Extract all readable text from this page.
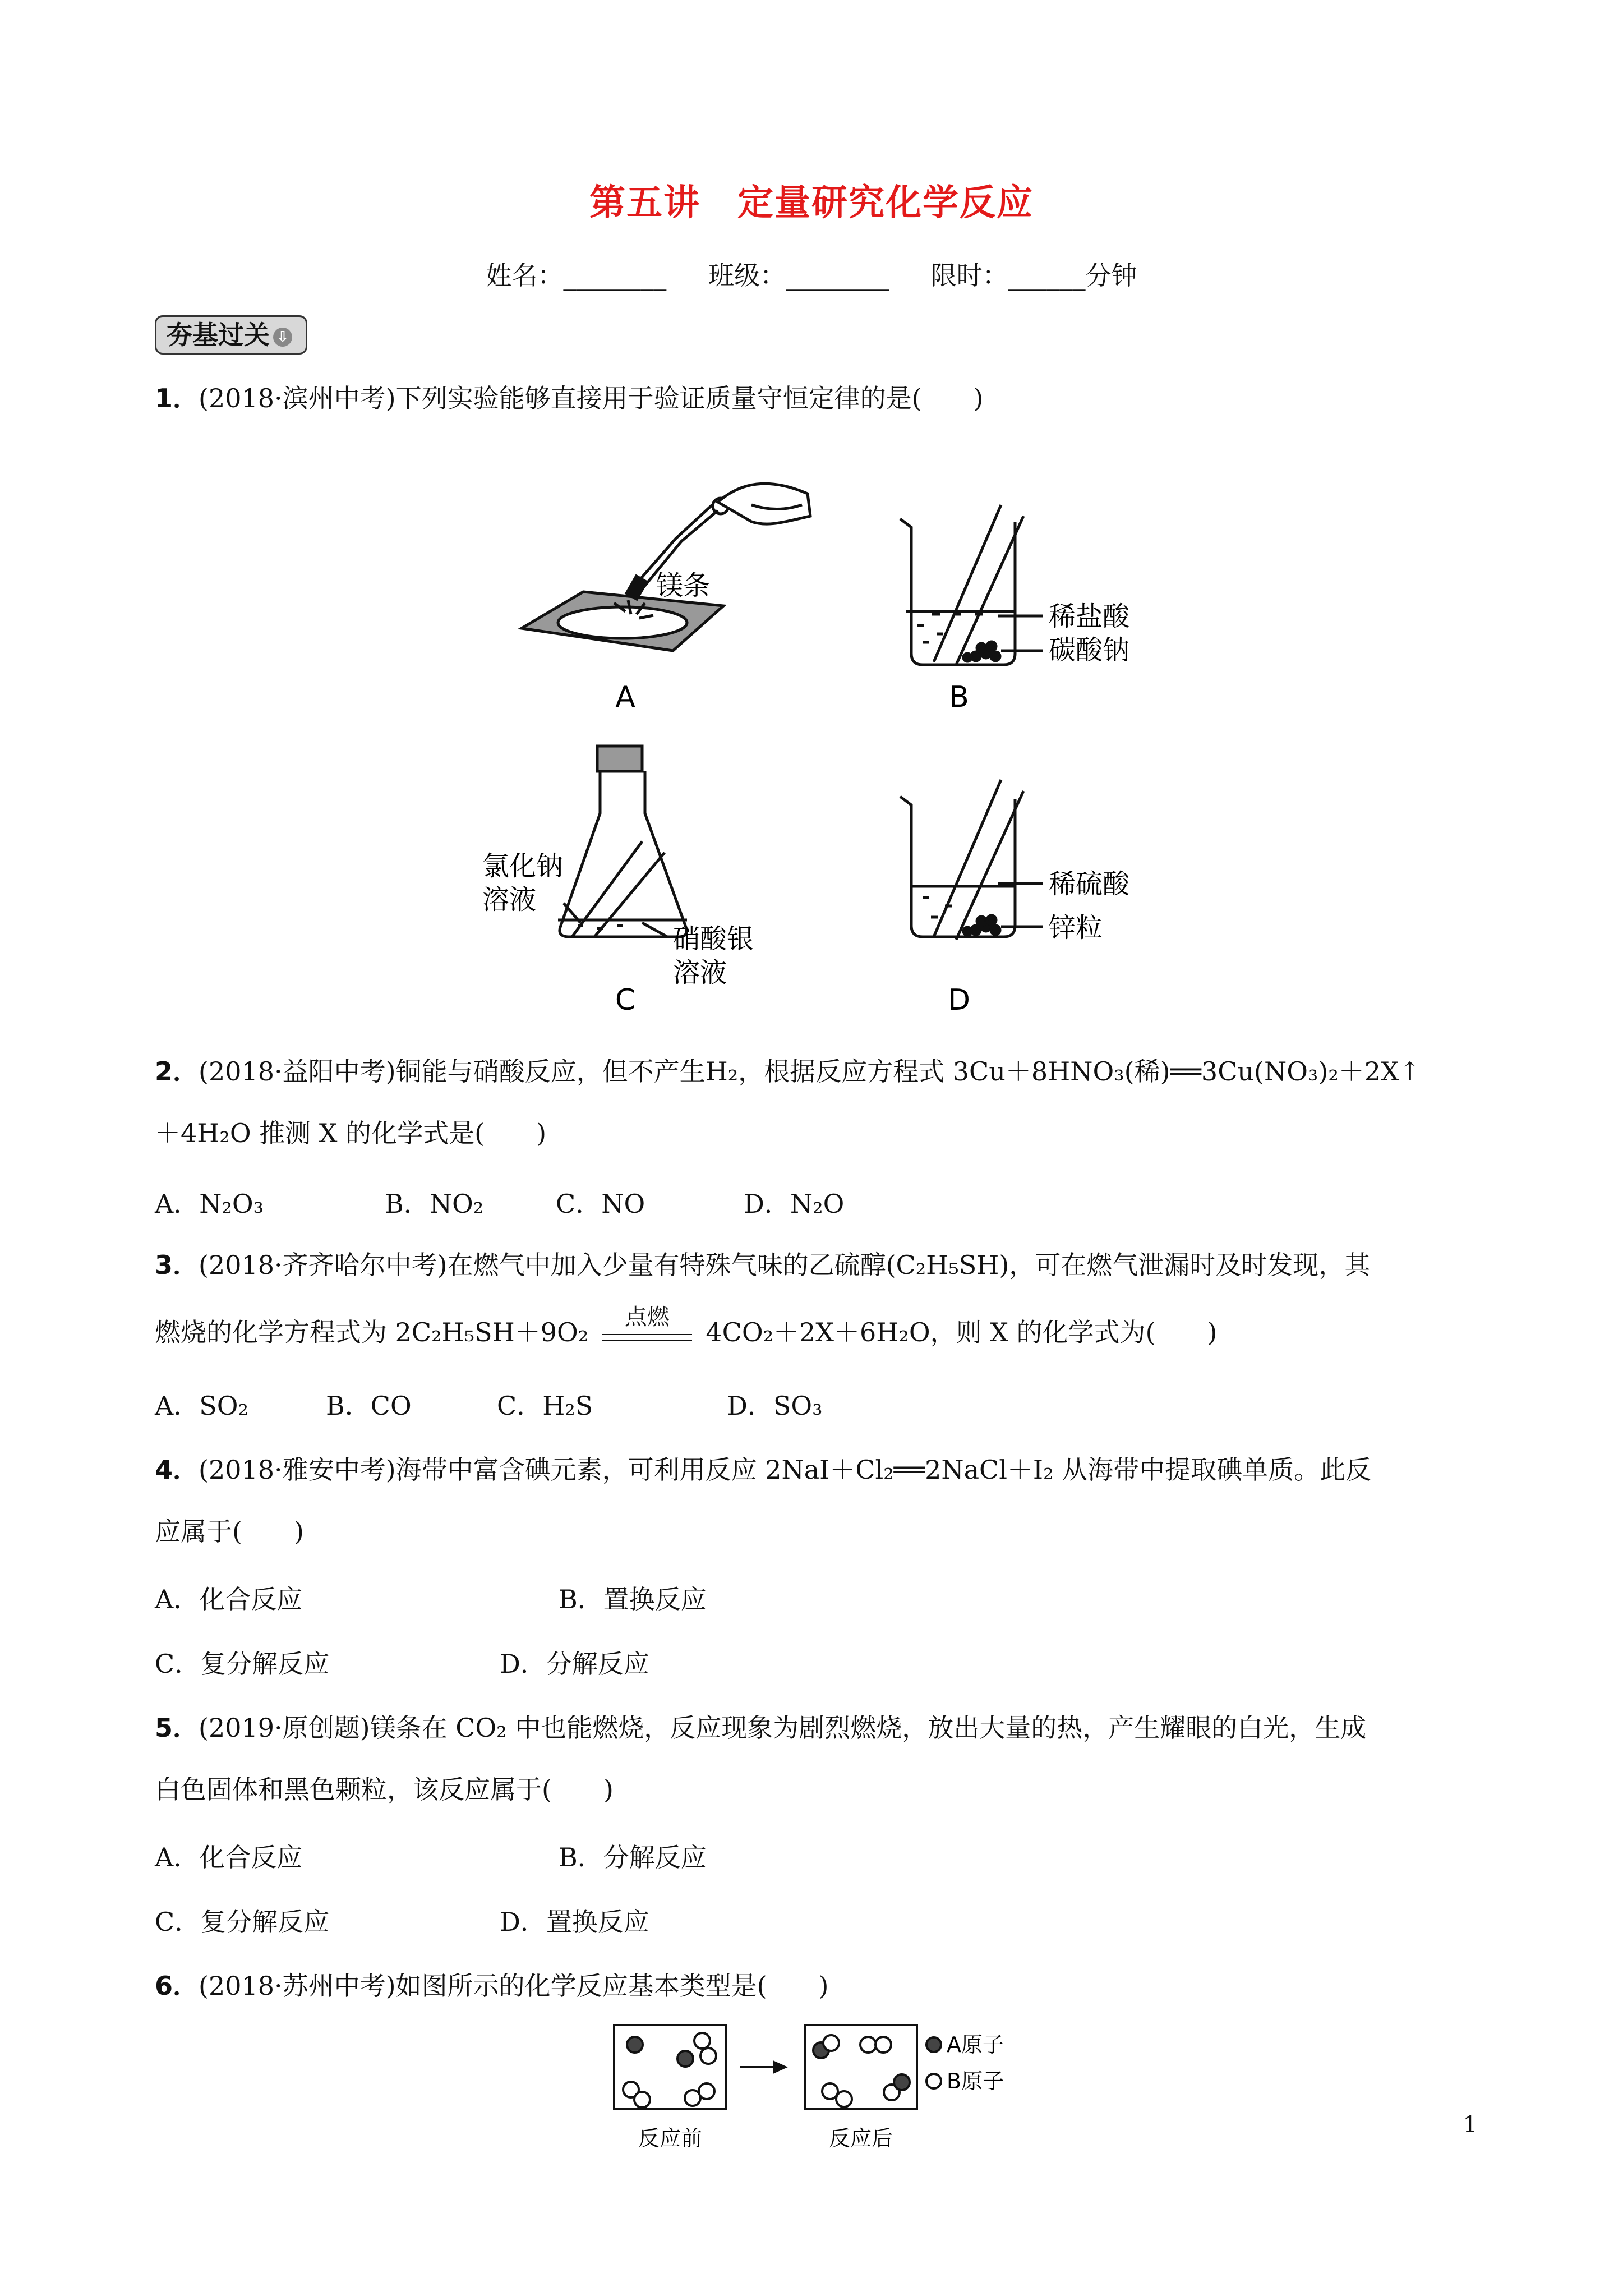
第五讲　定量研究化学反应
姓名：________ 班级：________ 限时：______分钟
夯基过关 ⇩
1．(2018·滨州中考)下列实验能够直接用于验证质量守恒定律的是(　　)
镁条
A
稀盐酸
碳酸钠
B
氯化钠
溶液
硝酸银
溶液
C
稀硫酸
锌粒
D
2．(2018·益阳中考)铜能与硝酸反应，但不产生H₂，根据反应方程式 3Cu＋8HNO₃(稀)══3Cu(NO₃)₂＋2X↑
＋4H₂O 推测 X 的化学式是(　　)
A．N₂O₃	B．NO₂	C．NO	D．N₂O
3．(2018·齐齐哈尔中考)在燃气中加入少量有特殊气味的乙硫醇(C₂H₅SH)，可在燃气泄漏时及时发现，其
燃烧的化学方程式为 2C₂H₅SH＋9O₂	点燃	4CO₂＋2X＋6H₂O，则 X 的化学式为(　　)
A．SO₂	B．CO	C．H₂S	D．SO₃
4．(2018·雅安中考)海带中富含碘元素，可利用反应 2NaI＋Cl₂══2NaCl＋I₂ 从海带中提取碘单质。此反
应属于(　　)
A．化合反应	B．置换反应
C．复分解反应	D．分解反应
5．(2019·原创题)镁条在 CO₂ 中也能燃烧，反应现象为剧烈燃烧，放出大量的热，产生耀眼的白光，生成
白色固体和黑色颗粒，该反应属于(　　)
A．化合反应	B．分解反应
C．复分解反应	D．置换反应
6．(2018·苏州中考)如图所示的化学反应基本类型是(　　)
A原子
B原子
反应前	反应后
1
